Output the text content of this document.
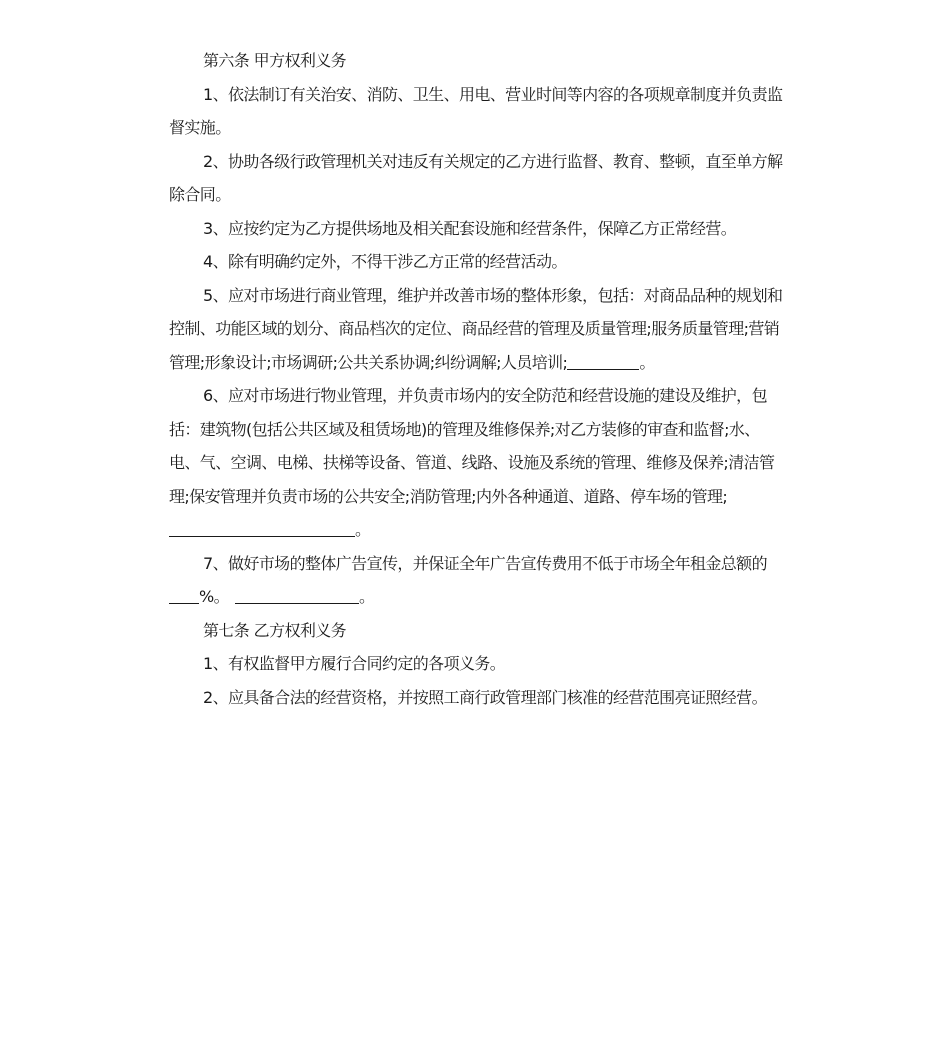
第六条 甲方权利义务

1、依法制订有关治安、消防、卫生、用电、营业时间等内容的各项规章制度并负责监督实施。

2、协助各级行政管理机关对违反有关规定的乙方进行监督、教育、整顿，直至单方解除合同。

3、应按约定为乙方提供场地及相关配套设施和经营条件，保障乙方正常经营。

4、除有明确约定外，不得干涉乙方正常的经营活动。

5、应对市场进行商业管理，维护并改善市场的整体形象，包括：对商品品种的规划和控制、功能区域的划分、商品档次的定位、商品经营的管理及质量管理;服务质量管理;营销管理;形象设计;市场调研;公共关系协调;纠纷调解;人员培训;	。

6、应对市场进行物业管理，并负责市场内的安全防范和经营设施的建设及维护，包括：建筑物(包括公共区域及租赁场地)的管理及维修保养;对乙方装修的审查和监督;水、电、气、空调、电梯、扶梯等设备、管道、线路、设施及系统的管理、维修及保养;清洁管理;保安管理并负责市场的公共安全;消防管理;内外各种通道、道路、停车场的管理;。

7、做好市场的整体广告宣传，并保证全年广告宣传费用不低于市场全年租金总额的%。	。

第七条 乙方权利义务

1、有权监督甲方履行合同约定的各项义务。

2、应具备合法的经营资格，并按照工商行政管理部门核准的经营范围亮证照经营。
